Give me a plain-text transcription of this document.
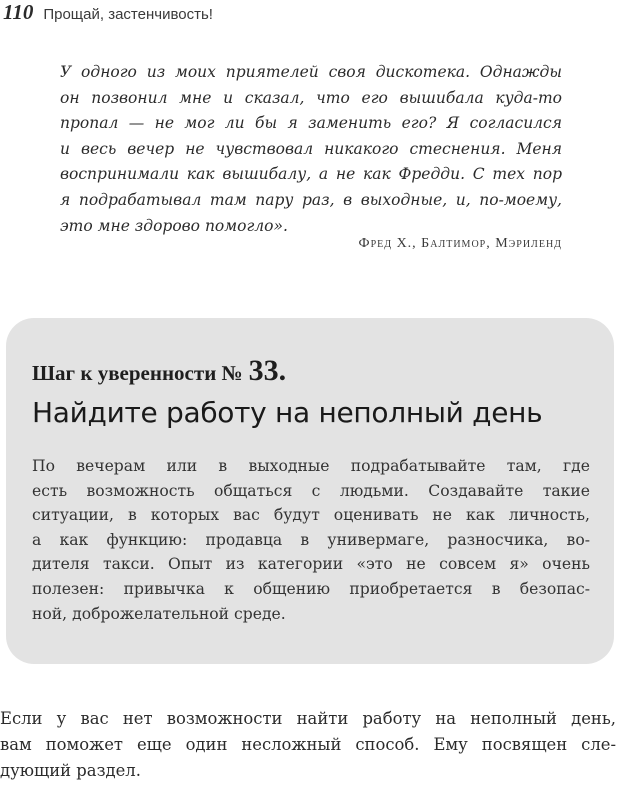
110 Прощай, застенчивость!
У одного из моих приятелей своя дискотека. Однажды
он позвонил мне и сказал, что его вышибала куда-то
пропал — не мог ли бы я заменить его? Я согласился
и весь вечер не чувствовал никакого стеснения. Меня
воспринимали как вышибалу, а не как Фредди. С тех пор
я подрабатывал там пару раз, в выходные, и, по-моему,
это мне здорово помогло».
Фред Х., Балтимор, Мэриленд
Шаг к уверенности № 33.
Найдите работу на неполный день
По вечерам или в выходные подрабатывайте там, где
есть возможность общаться с людьми. Создавайте такие
ситуации, в которых вас будут оценивать не как личность,
а как функцию: продавца в универмаге, разносчика, во-
дителя такси. Опыт из категории «это не совсем я» очень
полезен: привычка к общению приобретается в безопас-
ной, доброжелательной среде.
Если у вас нет возможности найти работу на неполный день,
вам поможет еще один несложный способ. Ему посвящен сле-
дующий раздел.
